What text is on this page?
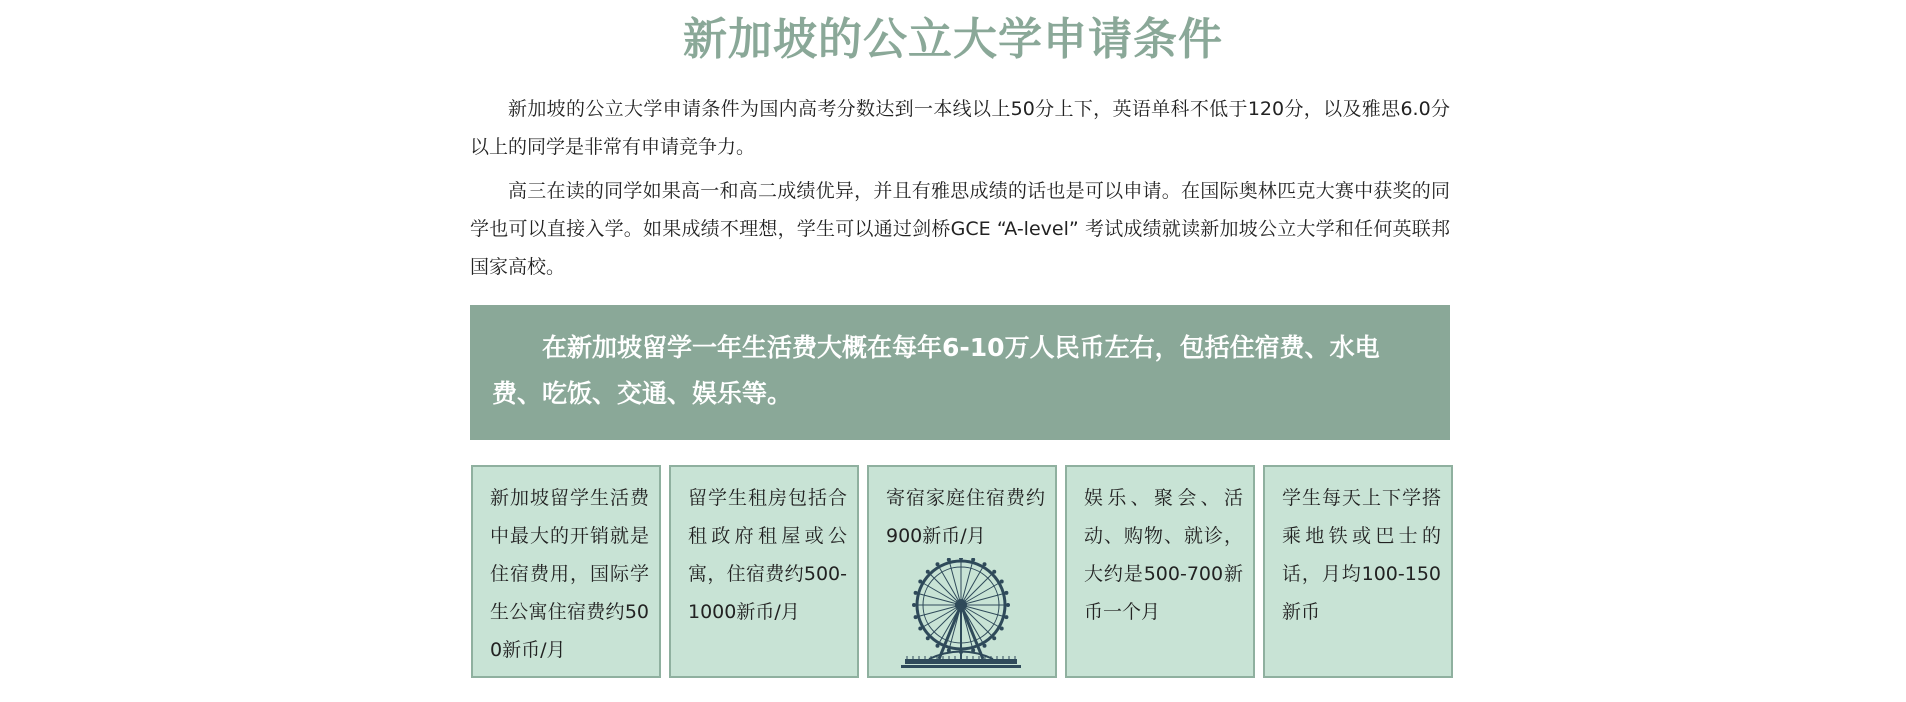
新加坡的公立大学申请条件

新加坡的公立大学申请条件为国内高考分数达到一本线以上50分上下，英语单科不低于120分，以及雅思6.0分以上的同学是非常有申请竞争力。

高三在读的同学如果高一和高二成绩优异，并且有雅思成绩的话也是可以申请。在国际奥林匹克大赛中获奖的同学也可以直接入学。如果成绩不理想，学生可以通过剑桥GCE “A-level” 考试成绩就读新加坡公立大学和任何英联邦国家高校。

在新加坡留学一年生活费大概在每年6-10万人民币左右，包括住宿费、水电费、吃饭、交通、娱乐等。

新加坡留学生活费中最大的开销就是住宿费用，国际学生公寓住宿费约500新币/月

留学生租房包括合租政府租屋或公寓，住宿费约500-1000新币/月

寄宿家庭住宿费约900新币/月

娱乐、聚会、活动、购物、就诊，大约是500-700新币一个月

学生每天上下学搭乘地铁或巴士的话，月均100-150新币
